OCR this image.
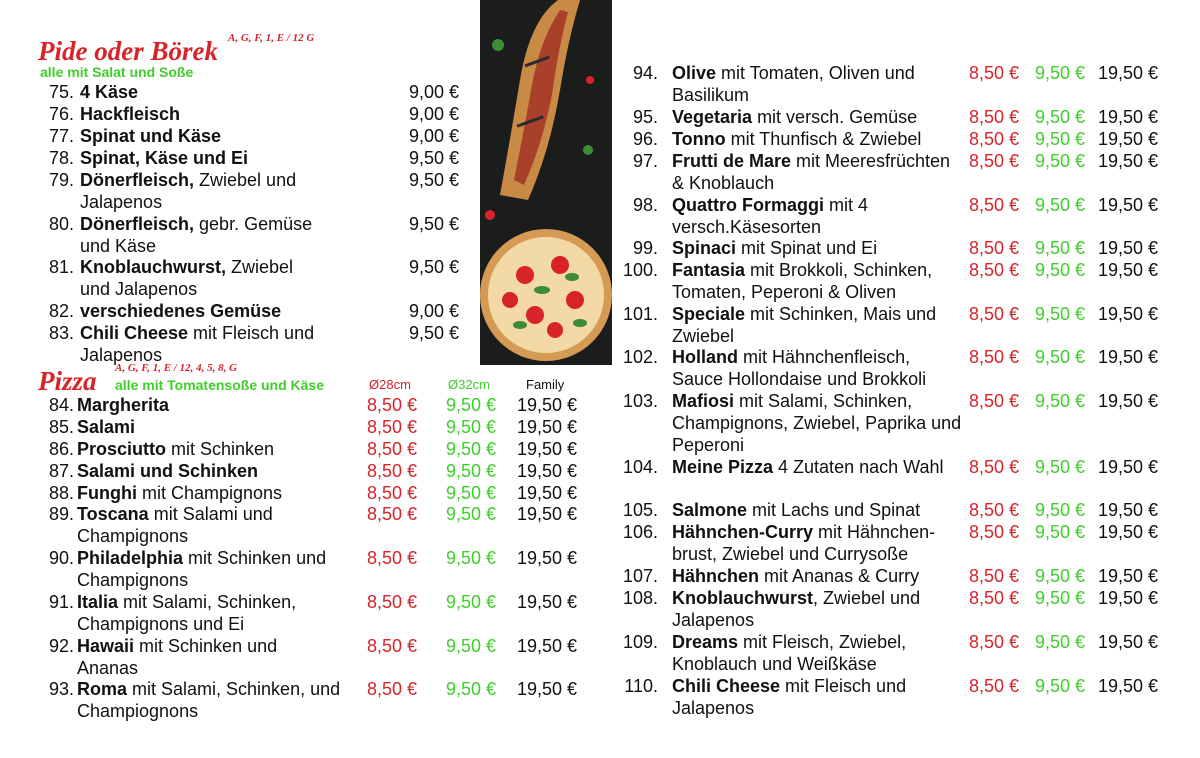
Pide oder Börek A, G, F, 1, E / 12 G
alle mit Salat und Soße
75. 4 Käse	9,00 €
76. Hackfleisch	9,00 €
77. Spinat und Käse	9,00 €
78. Spinat, Käse und Ei	9,50 €
79. Dönerfleisch, Zwiebel und Jalapenos
9,50 €
80. Dönerfleisch, gebr. Gemüse und Käse
9,50 €
81. Knoblauchwurst, Zwiebel und Jalapenos
9,50 €
82. verschiedenes Gemüse	9,00 €
83. Chili Cheese mit Fleisch und Jalapenos
9,50 €
Pizza A, G, F, 1, E / 12, 4, 5, 8, G
alle mit Tomatensoße und Käse	Ø28cm	Ø32cm	Family
84. Margherita	8,50 € 9,50 € 19,50 €
85. Salami	8,50 € 9,50 € 19,50 €
86. Prosciutto mit Schinken	8,50 € 9,50 € 19,50 €
87. Salami und Schinken	8,50 € 9,50 € 19,50 €
88. Funghi mit Champignons	8,50 € 9,50 € 19,50 €
89. Toscana mit Salami und Champignons
8,50 € 9,50 € 19,50 €
90. Philadelphia mit Schinken und Champignons
8,50 € 9,50 € 19,50 €
91. Italia mit Salami, Schinken, Champignons und Ei
8,50 € 9,50 € 19,50 €
92. Hawaii mit Schinken und Ananas
8,50 € 9,50 € 19,50 €
93. Roma mit Salami, Schinken, und Champiognons
8,50 € 9,50 € 19,50 €
94. Olive mit Tomaten, Oliven und Basilikum
8,50 € 9,50 € 19,50 €
95. Vegetaria mit versch. Gemüse	8,50 € 9,50 € 19,50 €
96. Tonno mit Thunfisch & Zwiebel	8,50 € 9,50 € 19,50 €
97. Frutti de Mare mit Meeresfrüchten & Knoblauch
8,50 € 9,50 € 19,50 €
98. Quattro Formaggi mit 4 versch.Käsesorten
8,50 € 9,50 € 19,50 €
99. Spinaci mit Spinat und Ei	8,50 € 9,50 € 19,50 €
100. Fantasia mit Brokkoli, Schinken, Tomaten, Peperoni & Oliven
8,50 € 9,50 € 19,50 €
101. Speciale mit Schinken, Mais und Zwiebel
8,50 € 9,50 € 19,50 €
102. Holland mit Hähnchenfleisch, Sauce Hollondaise und Brokkoli
8,50 € 9,50 € 19,50 €
103. Mafiosi mit Salami, Schinken, Champignons, Zwiebel, Paprika und Peperoni
8,50 € 9,50 € 19,50 €
104. Meine Pizza 4 Zutaten nach Wahl	8,50 € 9,50 € 19,50 €
105. Salmone mit Lachs und Spinat	8,50 € 9,50 € 19,50 €
106. Hähnchen-Curry mit Hähnchen-brust, Zwiebel und Currysoße
8,50 € 9,50 € 19,50 €
107. Hähnchen mit Ananas & Curry	8,50 € 9,50 € 19,50 €
108. Knoblauchwurst, Zwiebel und Jalapenos
8,50 € 9,50 € 19,50 €
109. Dreams mit Fleisch, Zwiebel, Knoblauch und Weißkäse
8,50 € 9,50 € 19,50 €
110. Chili Cheese mit Fleisch und Jalapenos
8,50 € 9,50 € 19,50 €
